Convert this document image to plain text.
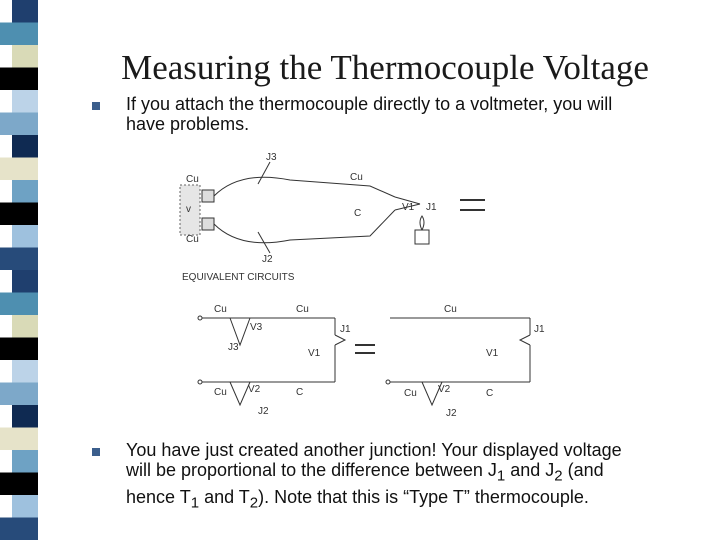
Measuring the Thermocouple Voltage
If you attach the thermocouple directly to a voltmeter, you will
have problems.
J3
Cu
v
Cu
Cu
C
V1 J1
J2
EQUIVALENT CIRCUITS
Cu	Cu
V3
J3
V1
J1
Cu V2
J2
C
Cu
V1
J1
Cu V2
J2
C
You have just created another junction! Your displayed voltage
will be proportional to the difference between $J_1$ and $J_2$ (and
hence $T_1$ and $T_2$). Note that this is “Type T” thermocouple.
